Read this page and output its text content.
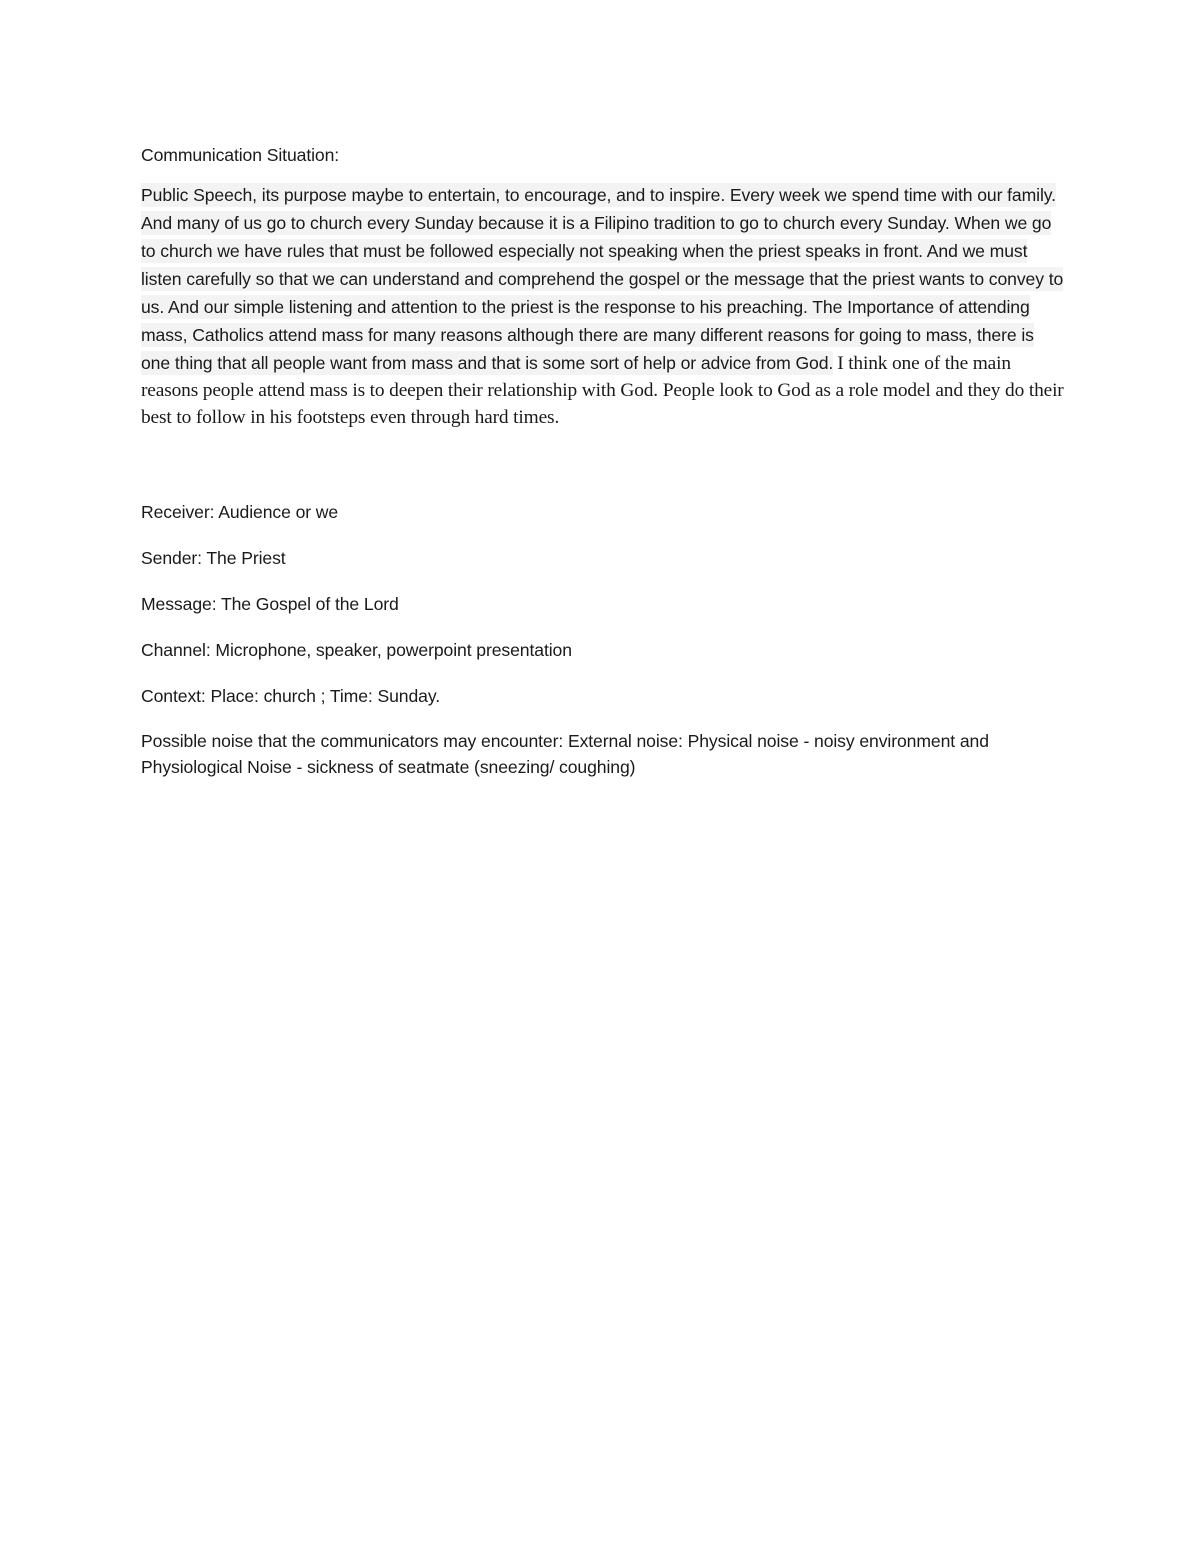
Communication Situation:

Public Speech, its purpose maybe to entertain, to encourage, and to inspire. Every week we spend time with our family. And many of us go to church every Sunday because it is a Filipino tradition to go to church every Sunday. When we go to church we have rules that must be followed especially not speaking when the priest speaks in front. And we must listen carefully so that we can understand and comprehend the gospel or the message that the priest wants to convey to us. And our simple listening and attention to the priest is the response to his preaching. The Importance of attending mass, Catholics attend mass for many reasons although there are many different reasons for going to mass, there is one thing that all people want from mass and that is some sort of help or advice from God. I think one of the main reasons people attend mass is to deepen their relationship with God. People look to God as a role model and they do their best to follow in his footsteps even through hard times.

Receiver: Audience or we

Sender: The Priest

Message: The Gospel of the Lord

Channel: Microphone, speaker, powerpoint presentation

Context: Place: church ; Time: Sunday.

Possible noise that the communicators may encounter: External noise: Physical noise - noisy environment and Physiological Noise - sickness of seatmate (sneezing/ coughing)
